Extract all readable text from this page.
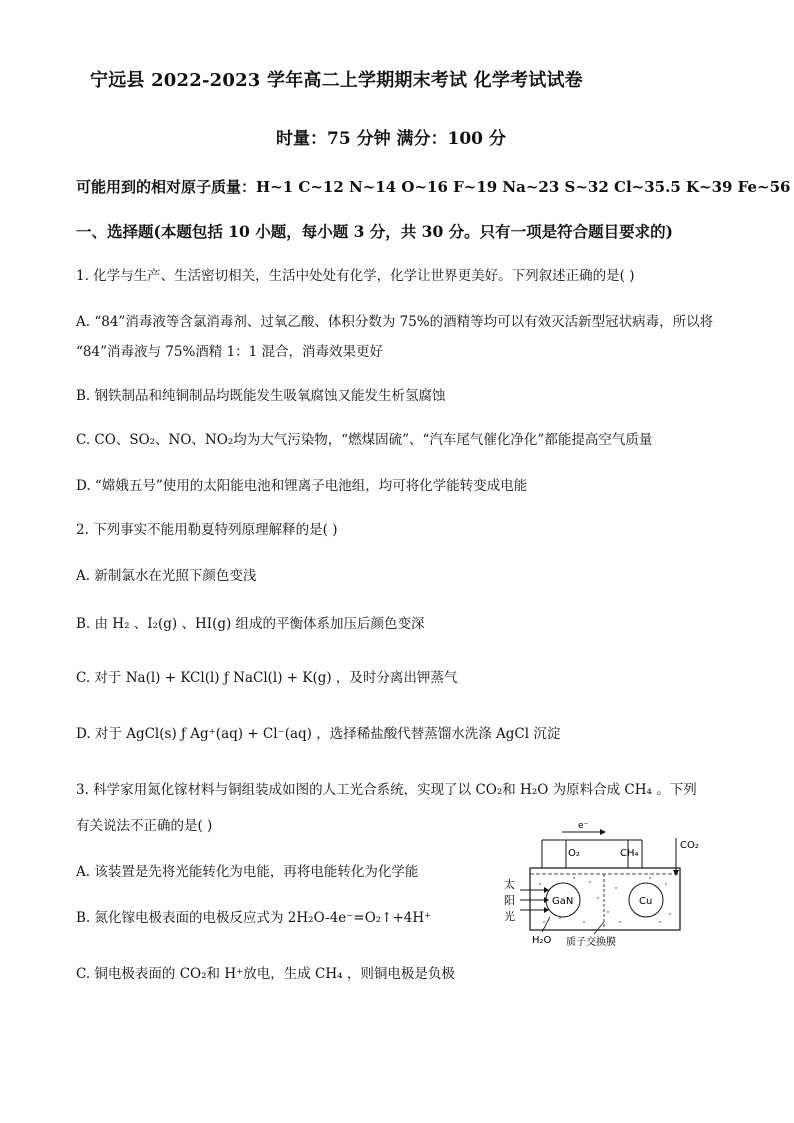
宁远县 2022-2023 学年高二上学期期末考试 化学考试试卷
时量：75 分钟 满分：100 分
可能用到的相对原子质量：H~1 C~12 N~14 O~16 F~19 Na~23 S~32 Cl~35.5 K~39 Fe~56
一、选择题(本题包括 10 小题，每小题 3 分，共 30 分。只有一项是符合题目要求的)
1. 化学与生产、生活密切相关，生活中处处有化学，化学让世界更美好。下列叙述正确的是( )
A. “84”消毒液等含氯消毒剂、过氧乙酸、体积分数为 75%的酒精等均可以有效灭活新型冠状病毒，所以将
“84”消毒液与 75%酒精 1：1 混合，消毒效果更好
B. 钢铁制品和纯铜制品均既能发生吸氧腐蚀又能发生析氢腐蚀
C. CO、SO₂、NO、NO₂均为大气污染物，“燃煤固硫”、“汽车尾气催化净化”都能提高空气质量
D. “嫦娥五号”使用的太阳能电池和锂离子电池组，均可将化学能转变成电能
2. 下列事实不能用勒夏特列原理解释的是( )
A. 新制氯水在光照下颜色变浅
B. 由 H₂ 、I₂(g) 、HI(g) 组成的平衡体系加压后颜色变深
C. 对于 Na(l) + KCl(l) ƒ NaCl(l) + K(g) ，及时分离出钾蒸气
D. 对于 AgCl(s) ƒ Ag⁺(aq) + Cl⁻(aq) ，选择稀盐酸代替蒸馏水洗涤 AgCl 沉淀
3. 科学家用氮化镓材料与铜组装成如图的人工光合系统，实现了以 CO₂和 H₂O 为原料合成 CH₄ 。下列
有关说法不正确的是( )
A. 该装置是先将光能转化为电能，再将电能转化为化学能
B. 氮化镓电极表面的电极反应式为 2H₂O-4e⁻=O₂↑+4H⁺
C. 铜电极表面的 CO₂和 H⁺放电，生成 CH₄ ，则铜电极是负极
e⁻
O₂	CH₄
CO₂
GaN	Cu
太
阳
光
H₂O 质子交换膜
